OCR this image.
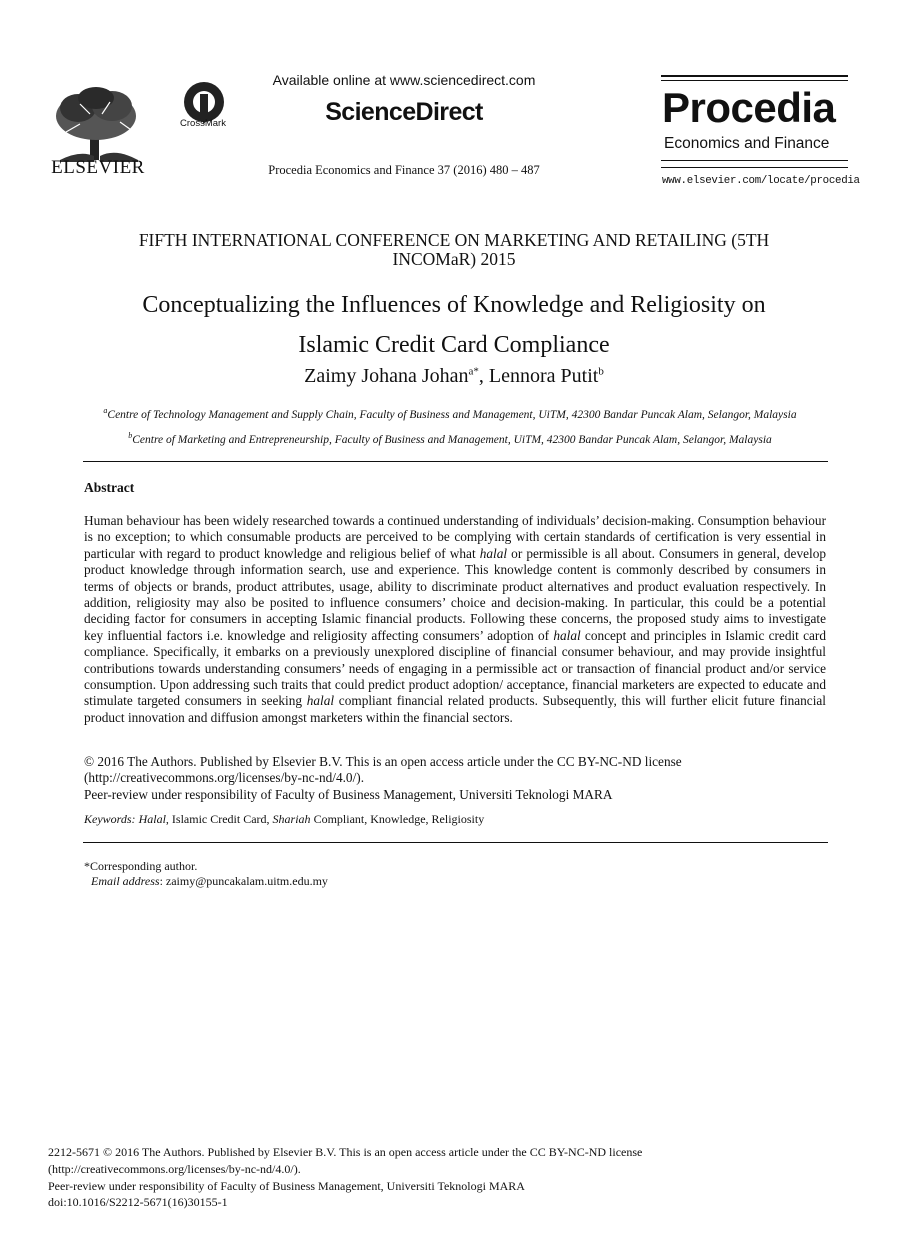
ELSEVIER
CrossMark
Available online at www.sciencedirect.com
ScienceDirect
Procedia Economics and Finance 37 (2016) 480 – 487
Procedia
Economics and Finance
www.elsevier.com/locate/procedia
FIFTH INTERNATIONAL CONFERENCE ON MARKETING AND RETAILING (5TH INCOMaR) 2015
Conceptualizing the Influences of Knowledge and Religiosity on
Islamic Credit Card Compliance
Zaimy Johana Johan$^{a*}$, Lennora Putit$^b$
$^a$Centre of Technology Management and Supply Chain, Faculty of Business and Management, UiTM, 42300 Bandar Puncak Alam, Selangor, Malaysia
$^b$Centre of Marketing and Entrepreneurship, Faculty of Business and Management, UiTM, 42300 Bandar Puncak Alam, Selangor, Malaysia
Abstract

Human behaviour has been widely researched towards a continued understanding of individuals’ decision-making. Consumption behaviour is no exception; to which consumable products are perceived to be complying with certain standards of certification is very essential in particular with regard to product knowledge and religious belief of what halal or permissible is all about. Consumers in general, develop product knowledge through information search, use and experience. This knowledge content is commonly described by consumers in terms of objects or brands, product attributes, usage, ability to discriminate product alternatives and product evaluation respectively. In addition, religiosity may also be posited to influence consumers’ choice and decision-making. In particular, this could be a potential deciding factor for consumers in accepting Islamic financial products. Following these concerns, the proposed study aims to investigate key influential factors i.e. knowledge and religiosity affecting consumers’ adoption of halal concept and principles in Islamic credit card compliance. Specifically, it embarks on a previously unexplored discipline of financial consumer behaviour, and may provide insightful contributions towards understanding consumers’ needs of engaging in a permissible act or transaction of financial product and/or service consumption. Upon addressing such traits that could predict product adoption/ acceptance, financial marketers are expected to educate and stimulate targeted consumers in seeking halal compliant financial related products. Subsequently, this will further elicit future financial product innovation and diffusion amongst marketers within the financial sectors.

© 2016 The Authors. Published by Elsevier B.V. This is an open access article under the CC BY-NC-ND license
(http://creativecommons.org/licenses/by-nc-nd/4.0/).
Peer-review under responsibility of Faculty of Business Management, Universiti Teknologi MARA
Keywords: Halal, Islamic Credit Card, Shariah Compliant, Knowledge, Religiosity
*Corresponding author.
Email address: zaimy@puncakalam.uitm.edu.my
2212-5671 © 2016 The Authors. Published by Elsevier B.V. This is an open access article under the CC BY-NC-ND license
(http://creativecommons.org/licenses/by-nc-nd/4.0/).
Peer-review under responsibility of Faculty of Business Management, Universiti Teknologi MARA
doi:10.1016/S2212-5671(16)30155-1
